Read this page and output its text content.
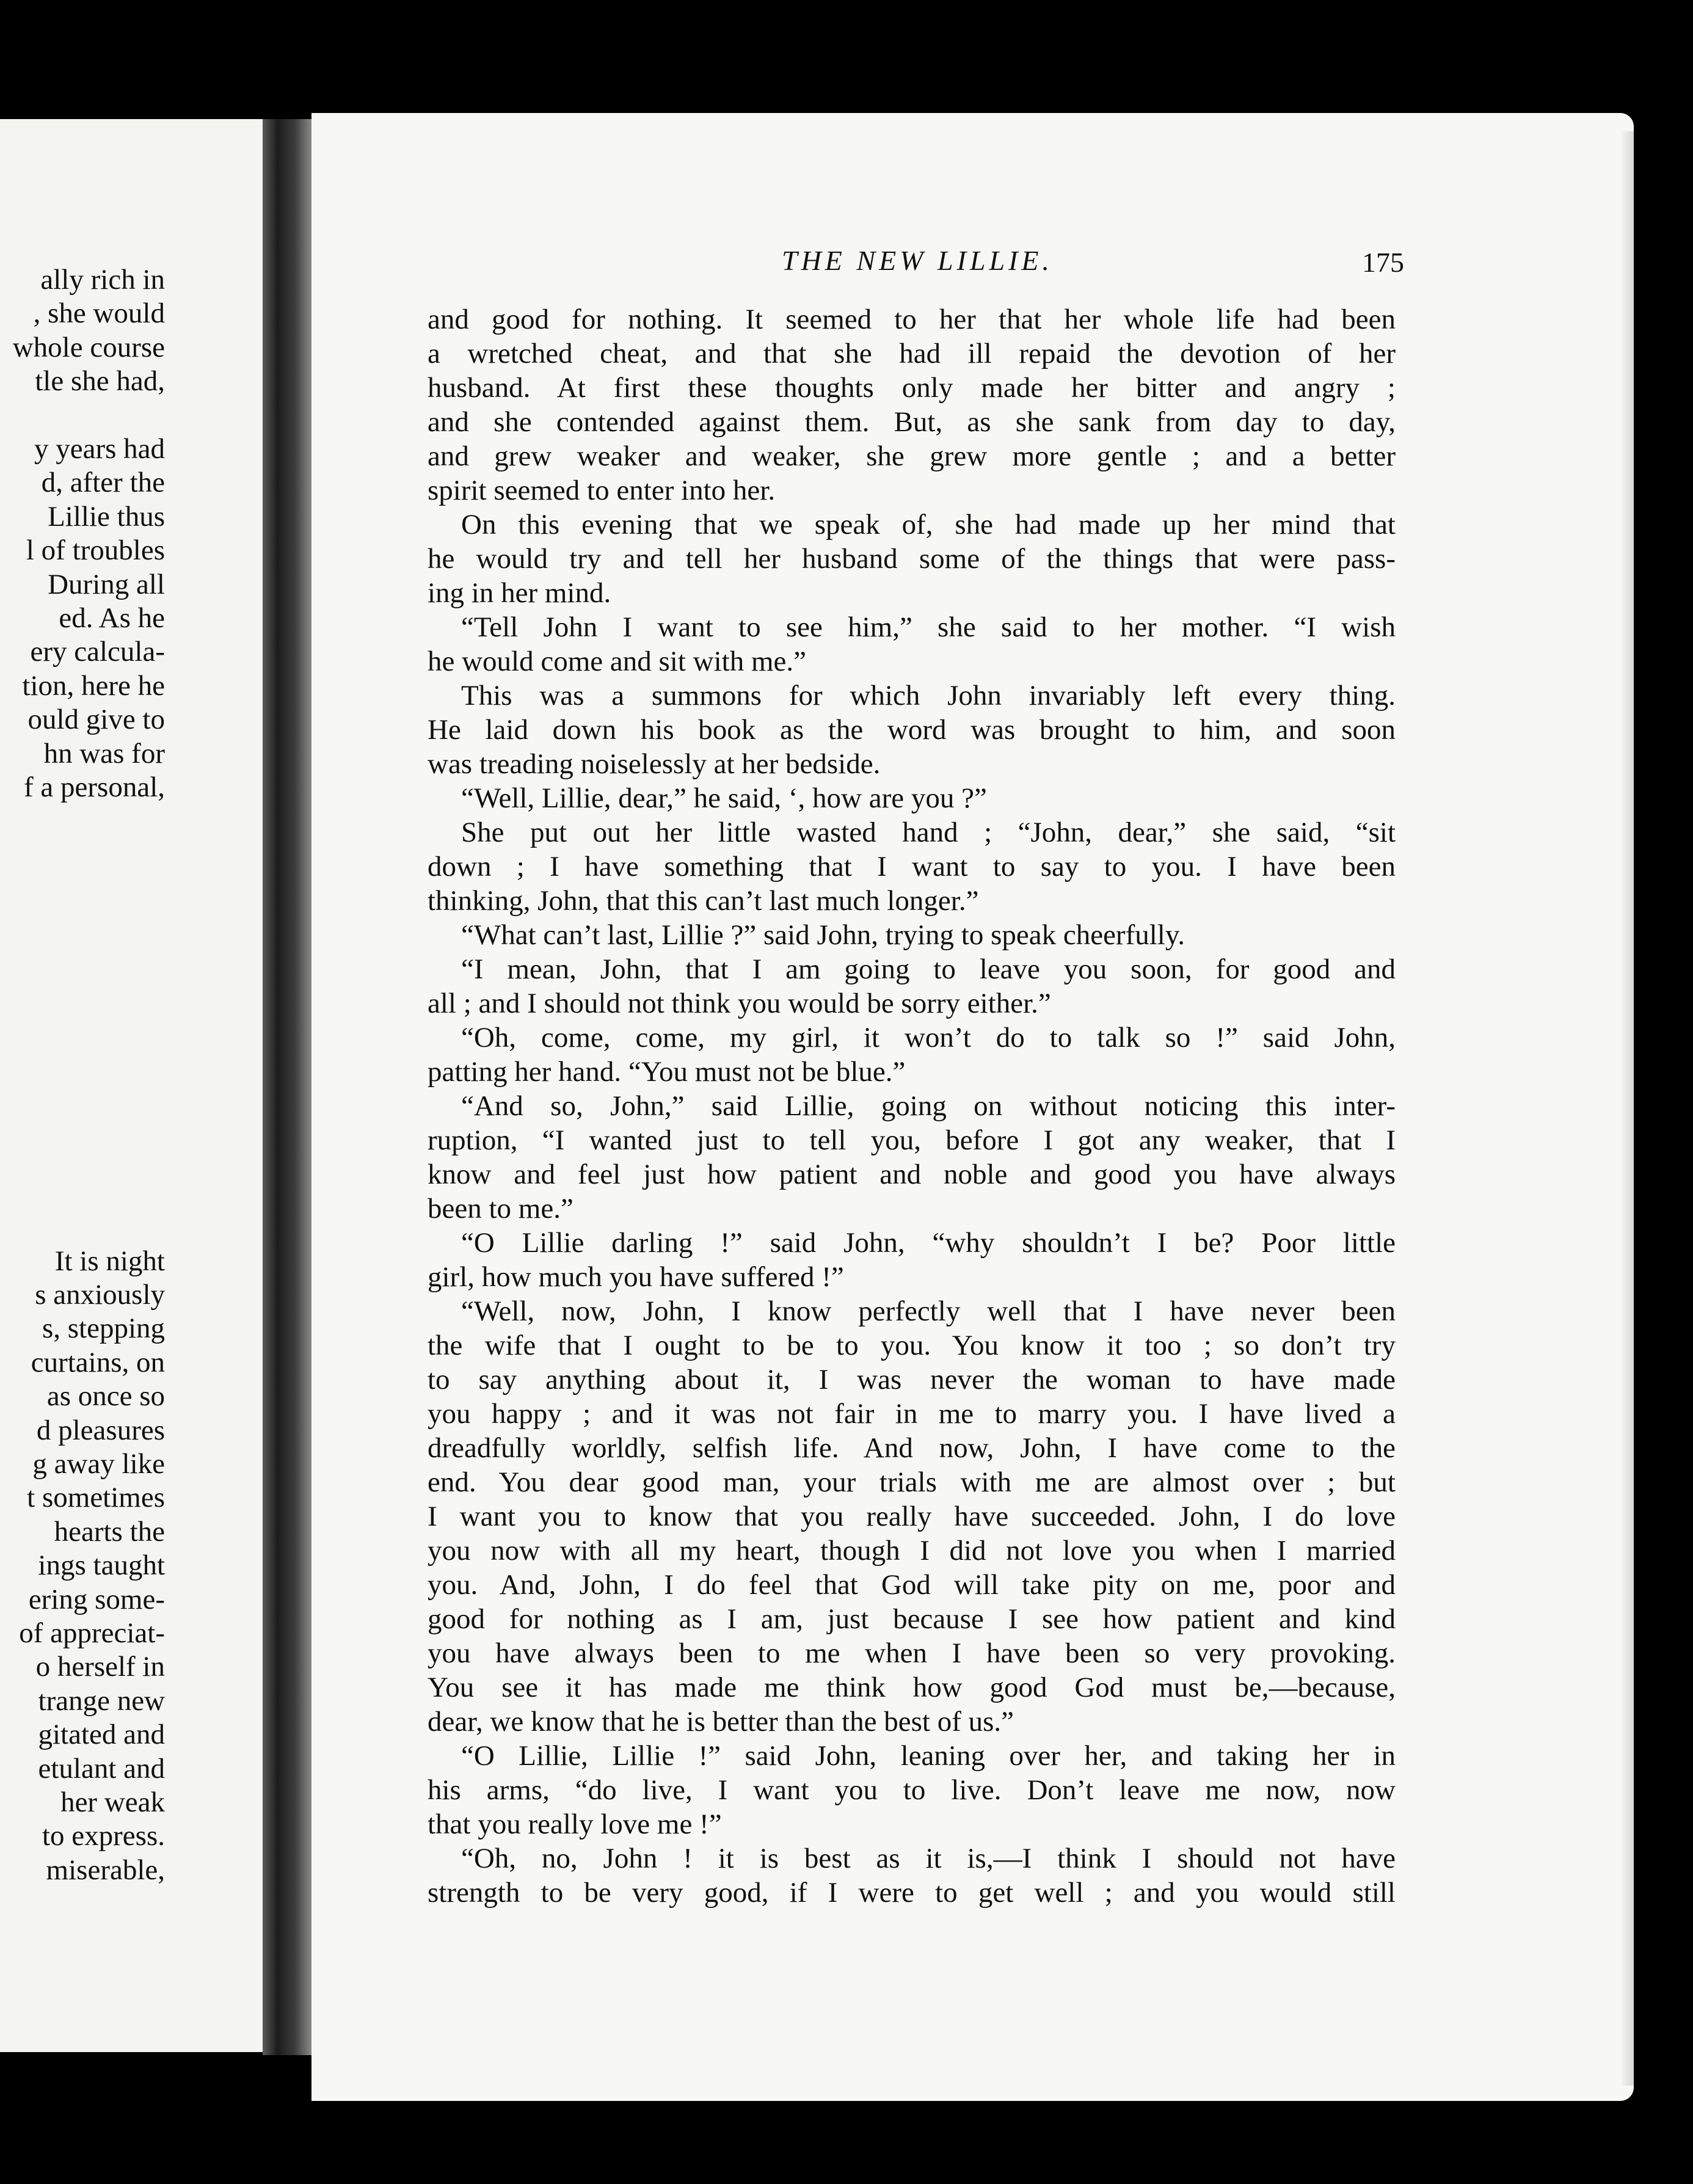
ally rich in
, she would
whole course
tle she had,
y years had
d, after the
Lillie thus
l of troubles
During all
ed. As he
ery calcula-
tion, here he
ould give to
hn was for
f a personal,
It is night
s anxiously
s, stepping
curtains, on
as once so
d pleasures
g away like
t sometimes
hearts the
ings taught
ering some-
of appreciat-
o herself in
trange new
gitated and
etulant and
her weak
to express.
miserable,
THE NEW LILLIE.	175
and good for nothing. It seemed to her that her whole life had been
a wretched cheat, and that she had ill repaid the devotion of her
husband. At first these thoughts only made her bitter and angry ;
and she contended against them. But, as she sank from day to day,
and grew weaker and weaker, she grew more gentle ; and a better
spirit seemed to enter into her.
On this evening that we speak of, she had made up her mind that
he would try and tell her husband some of the things that were pass-
ing in her mind.
“Tell John I want to see him,” she said to her mother. “I wish
he would come and sit with me.”
This was a summons for which John invariably left every thing.
He laid down his book as the word was brought to him, and soon
was treading noiselessly at her bedside.
“Well, Lillie, dear,” he said, ‘, how are you ?”
She put out her little wasted hand ; “John, dear,” she said, “sit
down ; I have something that I want to say to you. I have been
thinking, John, that this can’t last much longer.”
“What can’t last, Lillie ?” said John, trying to speak cheerfully.
“I mean, John, that I am going to leave you soon, for good and
all ; and I should not think you would be sorry either.”
“Oh, come, come, my girl, it won’t do to talk so !” said John,
patting her hand. “You must not be blue.”
“And so, John,” said Lillie, going on without noticing this inter-
ruption, “I wanted just to tell you, before I got any weaker, that I
know and feel just how patient and noble and good you have always
been to me.”
“O Lillie darling !” said John, “why shouldn’t I be? Poor little
girl, how much you have suffered !”
“Well, now, John, I know perfectly well that I have never been
the wife that I ought to be to you. You know it too ; so don’t try
to say anything about it, I was never the woman to have made
you happy ; and it was not fair in me to marry you. I have lived a
dreadfully worldly, selfish life. And now, John, I have come to the
end. You dear good man, your trials with me are almost over ; but
I want you to know that you really have succeeded. John, I do love
you now with all my heart, though I did not love you when I married
you. And, John, I do feel that God will take pity on me, poor and
good for nothing as I am, just because I see how patient and kind
you have always been to me when I have been so very provoking.
You see it has made me think how good God must be,—because,
dear, we know that he is better than the best of us.”
“O Lillie, Lillie !” said John, leaning over her, and taking her in
his arms, “do live, I want you to live. Don’t leave me now, now
that you really love me !”
“Oh, no, John ! it is best as it is,—I think I should not have
strength to be very good, if I were to get well ; and you would still
